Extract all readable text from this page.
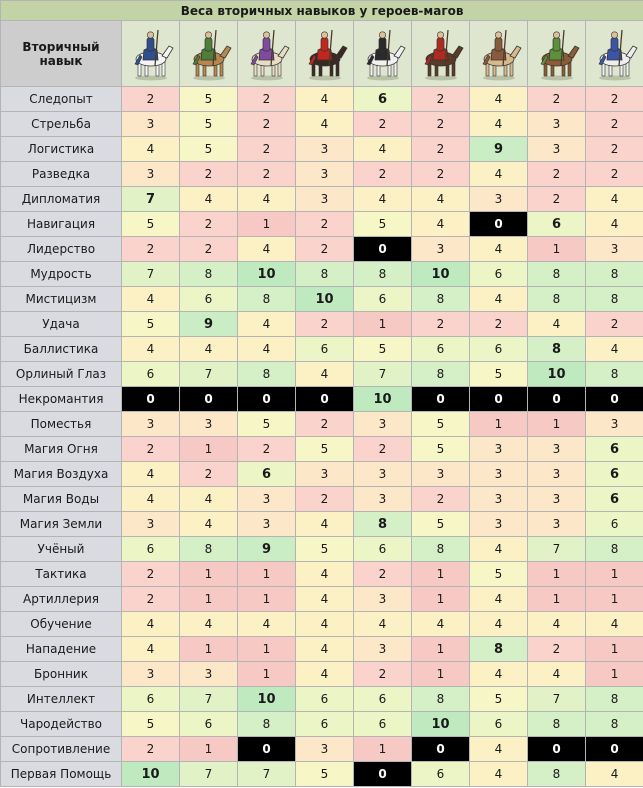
Веса вторичных навыков у героев-магов									
Вторичный навык	

Следопыт	2	5	2	4	6	2	4	2	2
Стрельба	3	5	2	4	2	2	4	3	2
Логистика	4	5	2	3	4	2	9	3	2
Разведка	3	2	2	3	2	2	4	2	2
Дипломатия	7	4	4	3	4	4	3	2	4
Навигация	5	2	1	2	5	4	0	6	4
Лидерство	2	2	4	2	0	3	4	1	3
Мудрость	7	8	10	8	8	10	6	8	8
Мистицизм	4	6	8	10	6	8	4	8	8
Удача	5	9	4	2	1	2	2	4	2
Баллистика	4	4	4	6	5	6	6	8	4
Орлиный Глаз	6	7	8	4	7	8	5	10	8
Некромантия	0	0	0	0	10	0	0	0	0
Поместья	3	3	5	2	3	5	1	1	3
Магия Огня	2	1	2	5	2	5	3	3	6
Магия Воздуха	4	2	6	3	3	3	3	3	6
Магия Воды	4	4	3	2	3	2	3	3	6
Магия Земли	3	4	3	4	8	5	3	3	6
Учёный	6	8	9	5	6	8	4	7	8
Тактика	2	1	1	4	2	1	5	1	1
Артиллерия	2	1	1	4	3	1	4	1	1
Обучение	4	4	4	4	4	4	4	4	4
Нападение	4	1	1	4	3	1	8	2	1
Бронник	3	3	1	4	2	1	4	4	1
Интеллект	6	7	10	6	6	8	5	7	8
Чародейство	5	6	8	6	6	10	6	8	8
Сопротивление	2	1	0	3	1	0	4	0	0
Первая Помощь	10	7	7	5	0	6	4	8	4
